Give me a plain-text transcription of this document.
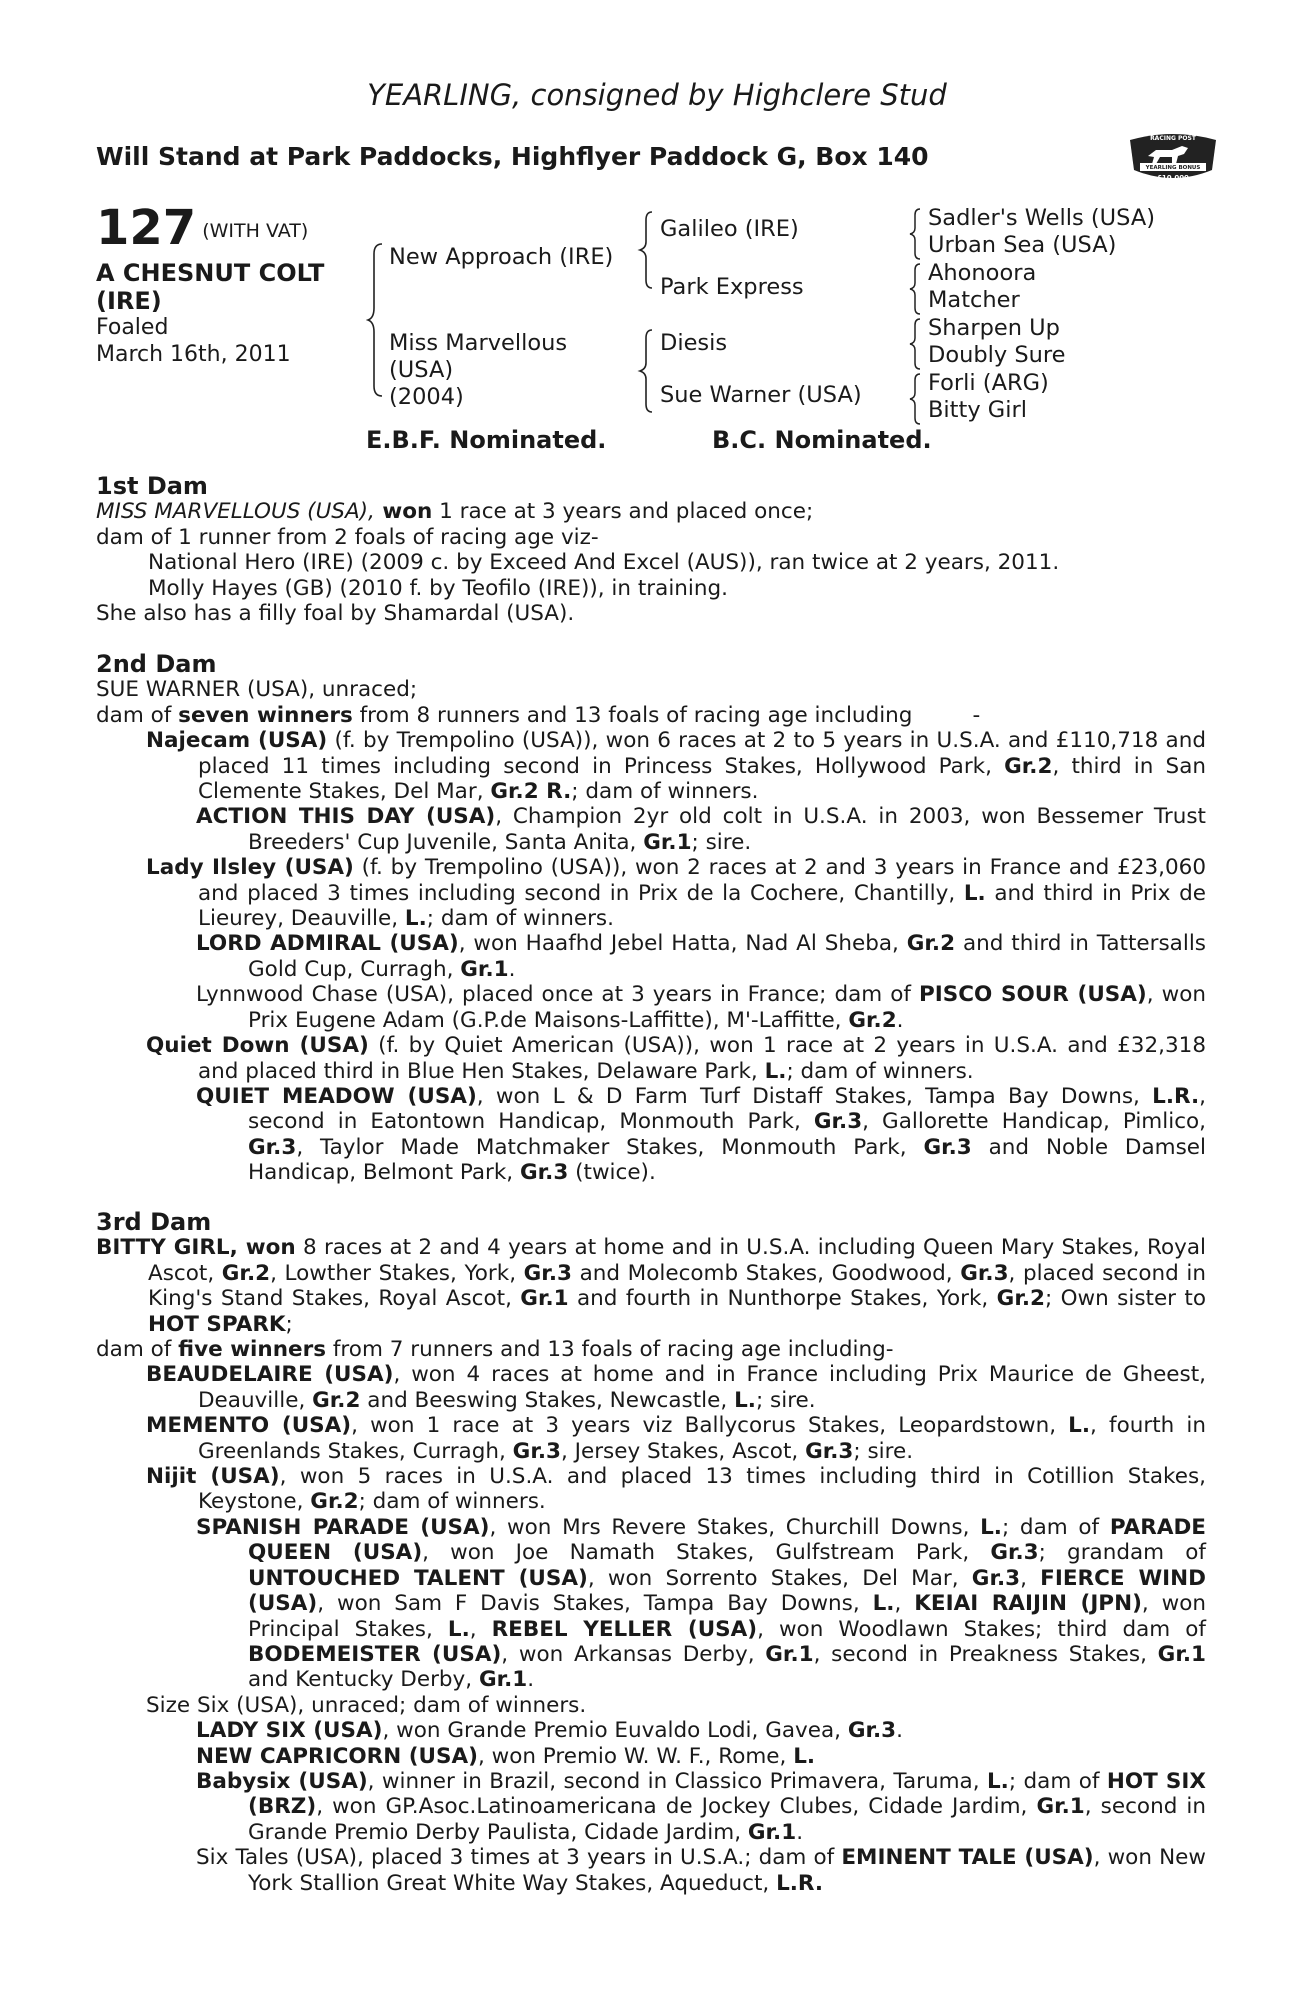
YEARLING, consigned by Highclere Stud
Will Stand at Park Paddocks, Highflyer Paddock G, Box 140
RACING POST
YEARLING BONUS
£10,000
127 (WITH VAT)
A CHESNUT COLT
(IRE)
Foaled
March 16th, 2011
New Approach (IRE)
Miss Marvellous
(USA)
(2004)
Galileo (IRE)
Park Express
Diesis
Sue Warner (USA)
Sadler's Wells (USA)
Urban Sea (USA)
Ahonoora
Matcher
Sharpen Up
Doubly Sure
Forli (ARG)
Bitty Girl
E.B.F. Nominated.	B.C. Nominated.

1st Dam

MISS MARVELLOUS (USA), won 1 race at 3 years and placed once;

dam of 1 runner from 2 foals of racing age viz-

National Hero (IRE) (2009 c. by Exceed And Excel (AUS)), ran twice at 2 years, 2011.

Molly Hayes (GB) (2010 f. by Teofilo (IRE)), in training.

She also has a filly foal by Shamardal (USA).

2nd Dam

SUE WARNER (USA), unraced;

dam of seven winners from 8 runners and 13 foals of racing age including	-

Najecam (USA) (f. by Trempolino (USA)), won 6 races at 2 to 5 years in U.S.A. and £110,718 and placed 11 times including second in Princess Stakes, Hollywood Park, Gr.2, third in San Clemente Stakes, Del Mar, Gr.2 R.; dam of winners.

ACTION THIS DAY (USA), Champion 2yr old colt in U.S.A. in 2003, won Bessemer Trust Breeders' Cup Juvenile, Santa Anita, Gr.1; sire.

Lady Ilsley (USA) (f. by Trempolino (USA)), won 2 races at 2 and 3 years in France and £23,060 and placed 3 times including second in Prix de la Cochere, Chantilly, L. and third in Prix de Lieurey, Deauville, L.; dam of winners.

LORD ADMIRAL (USA), won Haafhd Jebel Hatta, Nad Al Sheba, Gr.2 and third in Tattersalls Gold Cup, Curragh, Gr.1.

Lynnwood Chase (USA), placed once at 3 years in France; dam of PISCO SOUR (USA), won Prix Eugene Adam (G.P.de Maisons-Laffitte), M'-Laffitte, Gr.2.

Quiet Down (USA) (f. by Quiet American (USA)), won 1 race at 2 years in U.S.A. and £32,318 and placed third in Blue Hen Stakes, Delaware Park, L.; dam of winners.

QUIET MEADOW (USA), won L & D Farm Turf Distaff Stakes, Tampa Bay Downs, L.R., second in Eatontown Handicap, Monmouth Park, Gr.3, Gallorette Handicap, Pimlico, Gr.3, Taylor Made Matchmaker Stakes, Monmouth Park, Gr.3 and Noble Damsel Handicap, Belmont Park, Gr.3 (twice).

3rd Dam

BITTY GIRL, won 8 races at 2 and 4 years at home and in U.S.A. including Queen Mary Stakes, Royal Ascot, Gr.2, Lowther Stakes, York, Gr.3 and Molecomb Stakes, Goodwood, Gr.3, placed second in King's Stand Stakes, Royal Ascot, Gr.1 and fourth in Nunthorpe Stakes, York, Gr.2; Own sister to HOT SPARK;

dam of five winners from 7 runners and 13 foals of racing age including-

BEAUDELAIRE (USA), won 4 races at home and in France including Prix Maurice de Gheest, Deauville, Gr.2 and Beeswing Stakes, Newcastle, L.; sire.

MEMENTO (USA), won 1 race at 3 years viz Ballycorus Stakes, Leopardstown, L., fourth in Greenlands Stakes, Curragh, Gr.3, Jersey Stakes, Ascot, Gr.3; sire.

Nijit (USA), won 5 races in U.S.A. and placed 13 times including third in Cotillion Stakes, Keystone, Gr.2; dam of winners.

SPANISH PARADE (USA), won Mrs Revere Stakes, Churchill Downs, L.; dam of PARADE QUEEN (USA), won Joe Namath Stakes, Gulfstream Park, Gr.3; grandam of UNTOUCHED TALENT (USA), won Sorrento Stakes, Del Mar, Gr.3, FIERCE WIND (USA), won Sam F Davis Stakes, Tampa Bay Downs, L., KEIAI RAIJIN (JPN), won Principal Stakes, L., REBEL YELLER (USA), won Woodlawn Stakes; third dam of BODEMEISTER (USA), won Arkansas Derby, Gr.1, second in Preakness Stakes, Gr.1 and Kentucky Derby, Gr.1.

Size Six (USA), unraced; dam of winners.

LADY SIX (USA), won Grande Premio Euvaldo Lodi, Gavea, Gr.3.

NEW CAPRICORN (USA), won Premio W. W. F., Rome, L.

Babysix (USA), winner in Brazil, second in Classico Primavera, Taruma, L.; dam of HOT SIX (BRZ), won GP.Asoc.Latinoamericana de Jockey Clubes, Cidade Jardim, Gr.1, second in Grande Premio Derby Paulista, Cidade Jardim, Gr.1.

Six Tales (USA), placed 3 times at 3 years in U.S.A.; dam of EMINENT TALE (USA), won New York Stallion Great White Way Stakes, Aqueduct, L.R.
